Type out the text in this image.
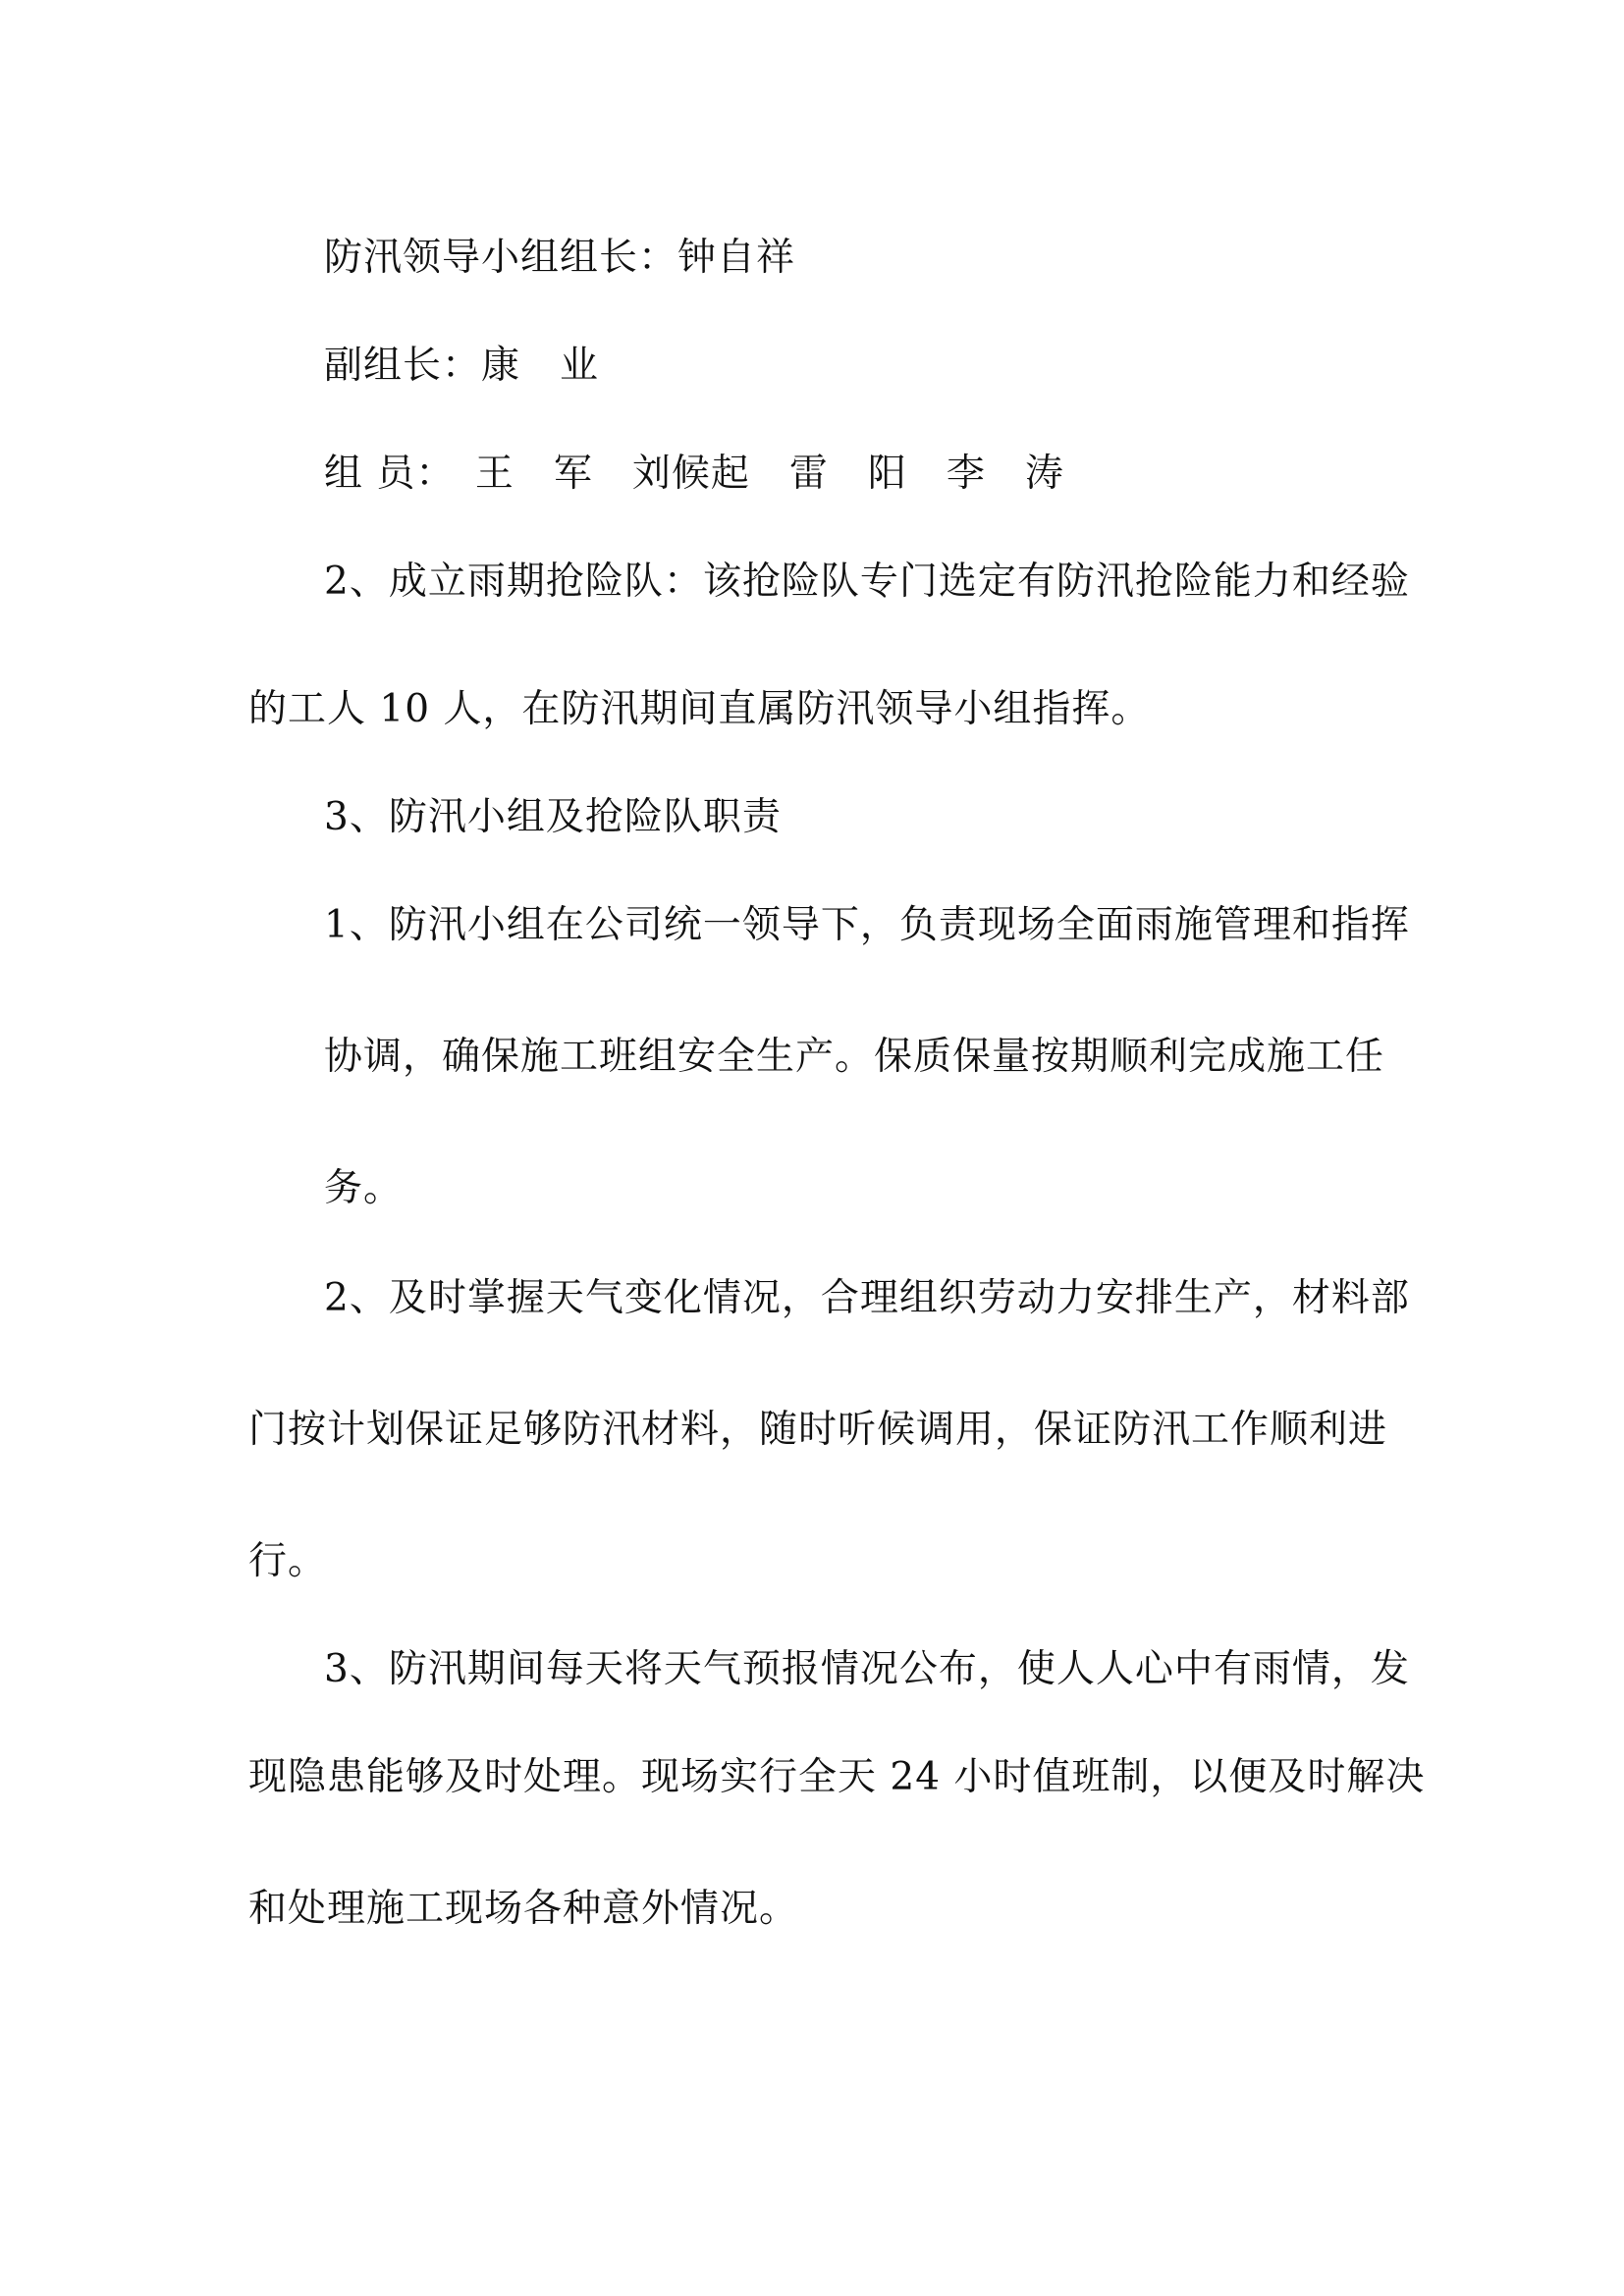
防汛领导小组组长：钟自祥
副组长：康　业
组 员：　王　军　刘候起　雷　阳　李　涛
2、成立雨期抢险队：该抢险队专门选定有防汛抢险能力和经验
的工人 10 人，在防汛期间直属防汛领导小组指挥。
3、防汛小组及抢险队职责
1、防汛小组在公司统一领导下，负责现场全面雨施管理和指挥
协调，确保施工班组安全生产。保质保量按期顺利完成施工任
务。
2、及时掌握天气变化情况，合理组织劳动力安排生产，材料部
门按计划保证足够防汛材料，随时听候调用，保证防汛工作顺利进
行。
3、防汛期间每天将天气预报情况公布，使人人心中有雨情，发
现隐患能够及时处理。现场实行全天 24 小时值班制，以便及时解决
和处理施工现场各种意外情况。
